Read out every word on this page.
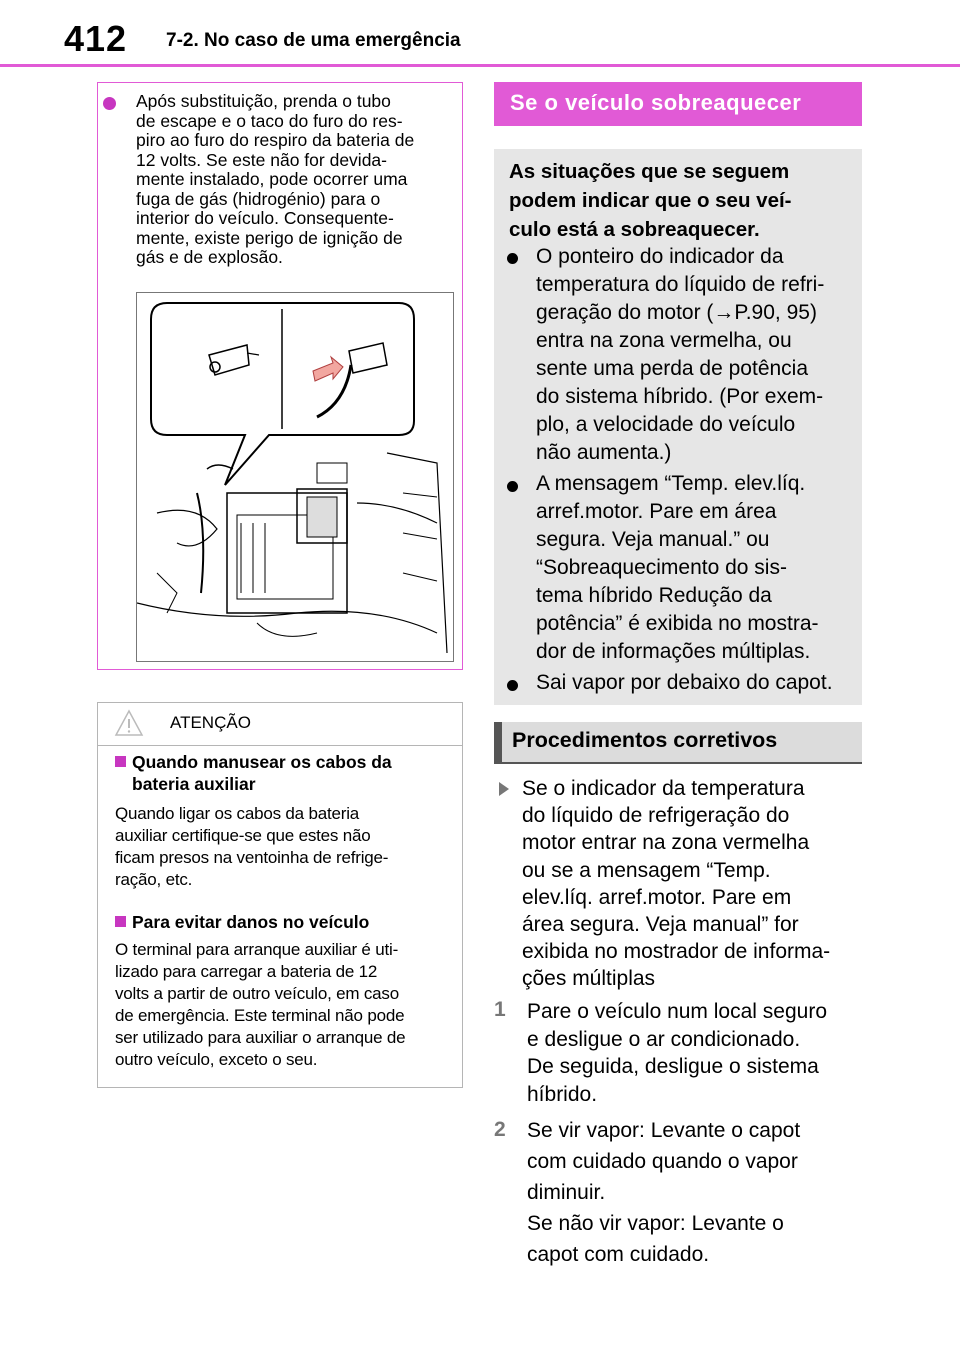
412 7-2. No caso de uma emergência
Após substituição, prenda o tubo
de escape e o taco do furo do res-
piro ao furo do respiro da bateria de
12 volts. Se este não for devida-
mente instalado, pode ocorrer uma
fuga de gás (hidrogénio) para o
interior do veículo. Consequente-
mente, existe perigo de ignição de
gás e de explosão.
ATENÇÃO
Quando manusear os cabos da
bateria auxiliar
Quando ligar os cabos da bateria
auxiliar certifique-se que estes não
ficam presos na ventoinha de refrige-
ração, etc.
Para evitar danos no veículo
O terminal para arranque auxiliar é uti-
lizado para carregar a bateria de 12
volts a partir de outro veículo, em caso
de emergência. Este terminal não pode
ser utilizado para auxiliar o arranque de
outro veículo, exceto o seu.
Se o veículo sobreaquecer
As situações que se seguem
podem indicar que o seu veí-
culo está a sobreaquecer.
O ponteiro do indicador da
temperatura do líquido de refri-
geração do motor (→P.90, 95)
entra na zona vermelha, ou
sente uma perda de potência
do sistema híbrido. (Por exem-
plo, a velocidade do veículo
não aumenta.)
A mensagem “Temp. elev.líq.
arref.motor. Pare em área
segura. Veja manual.” ou
“Sobreaquecimento do sis-
tema híbrido Redução da
potência” é exibida no mostra-
dor de informações múltiplas.
Sai vapor por debaixo do capot.
Procedimentos corretivos
Se o indicador da temperatura
do líquido de refrigeração do
motor entrar na zona vermelha
ou se a mensagem “Temp.
elev.líq. arref.motor. Pare em
área segura. Veja manual” for
exibida no mostrador de informa-
ções múltiplas
1 Pare o veículo num local seguro
e desligue o ar condicionado.
De seguida, desligue o sistema
híbrido.
2 Se vir vapor: Levante o capot
com cuidado quando o vapor
diminuir.
Se não vir vapor: Levante o
capot com cuidado.
